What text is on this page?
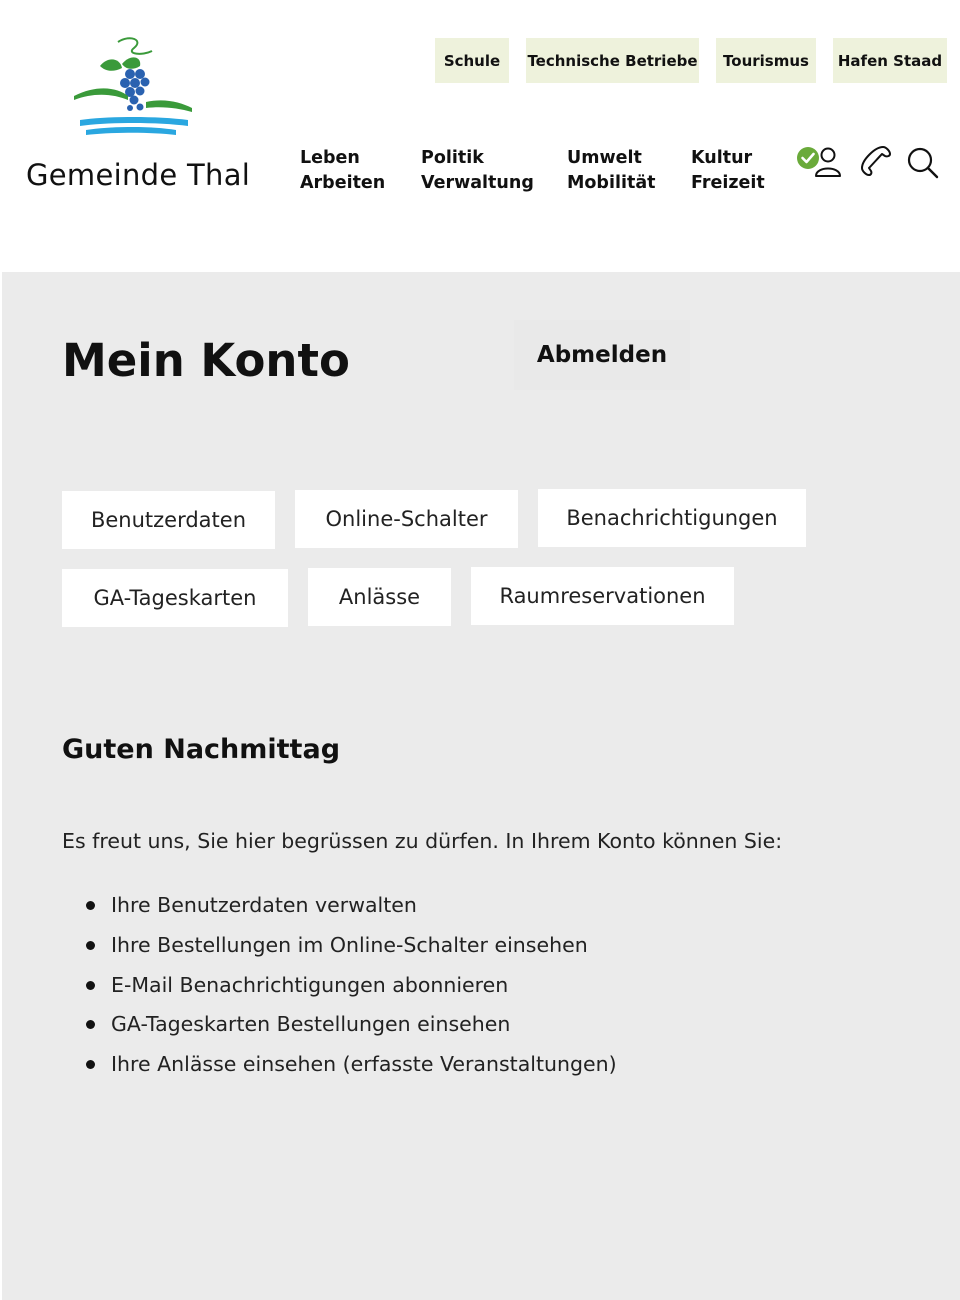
Gemeinde Thal
Schule	Technische Betriebe	Tourismus	Hafen Staad
Leben
Arbeiten
Politik
Verwaltung
Umwelt
Mobilität
Kultur
Freizeit
Mein Konto	Abmelden
Benutzerdaten	Online-Schalter	Benachrichtigungen
GA-Tageskarten	Anlässe	Raumreservationen
Guten Nachmittag

Es freut uns, Sie hier begrüssen zu dürfen. In Ihrem Konto können Sie:

Ihre Benutzerdaten verwalten
Ihre Bestellungen im Online-Schalter einsehen
E-Mail Benachrichtigungen abonnieren
GA-Tageskarten Bestellungen einsehen
Ihre Anlässe einsehen (erfasste Veranstaltungen)
